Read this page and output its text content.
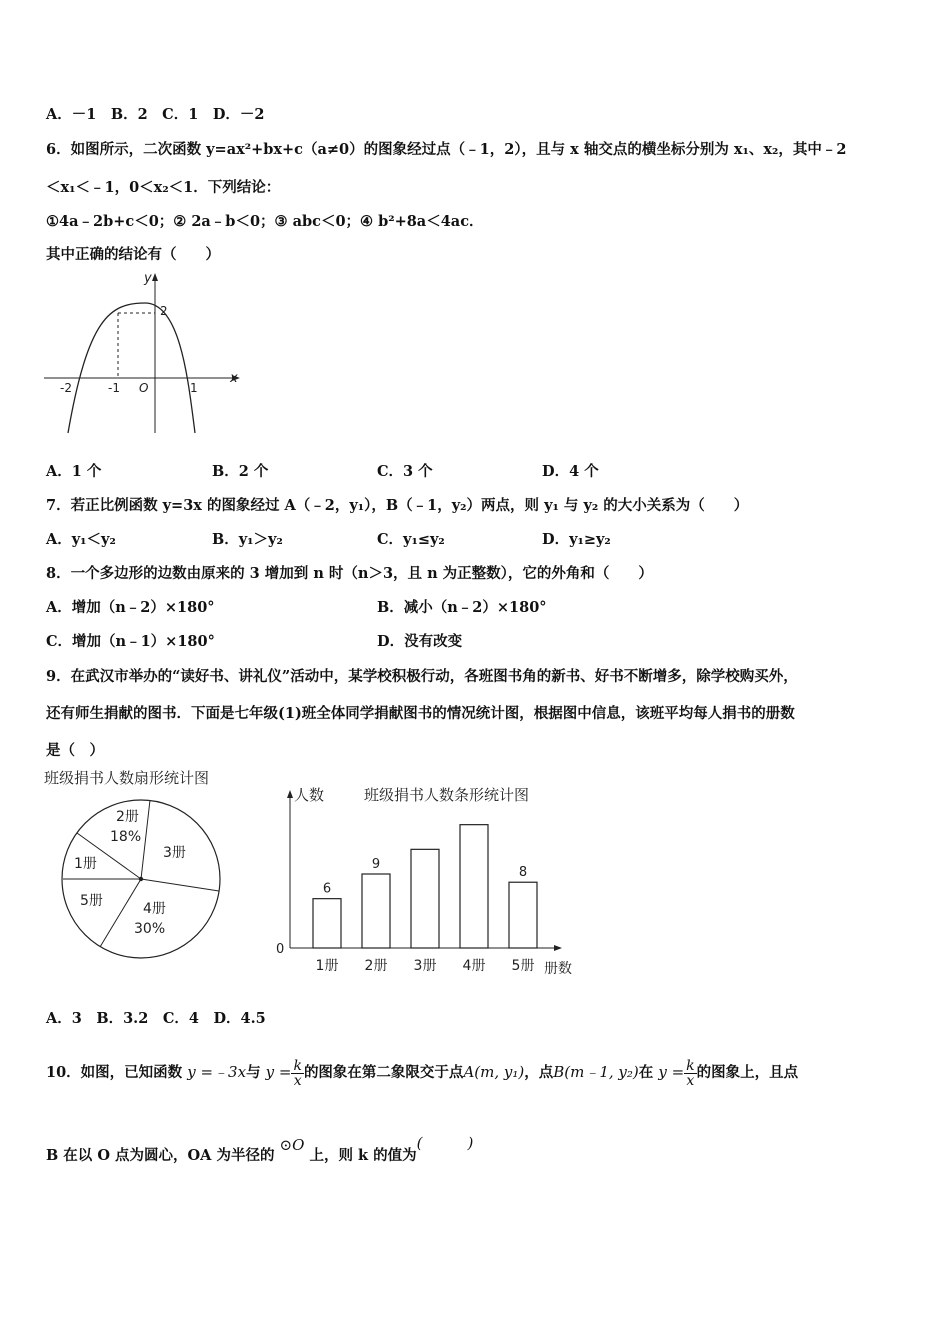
A．－1　B．2　C．1　D．－2
6．如图所示，二次函数 y=ax²+bx+c（a≠0）的图象经过点（﹣1，2），且与 x 轴交点的横坐标分别为 x₁、x₂，其中﹣2
＜x₁＜﹣1，0＜x₂＜1．下列结论：
①4a﹣2b+c＜0；② 2a﹣b＜0；③ abc＜0；④ b²+8a＜4ac．
其中正确的结论有（　　）
y
x
O
-2	-1	1
2
A．1 个	B．2 个	C．3 个	D．4 个
7．若正比例函数 y=3x 的图象经过 A（﹣2，y₁），B（﹣1，y₂）两点，则 y₁ 与 y₂ 的大小关系为（　　）
A．y₁＜y₂	B．y₁＞y₂	C．y₁≤y₂	D．y₁≥y₂
8．一个多边形的边数由原来的 3 增加到 n 时（n＞3，且 n 为正整数），它的外角和（　　）
A．增加（n﹣2）×180°	B．减小（n﹣2）×180°
C．增加（n﹣1）×180°	D．没有改变
9．在武汉市举办的“读好书、讲礼仪”活动中，某学校积极行动，各班图书角的新书、好书不断增多，除学校购买外，
还有师生捐献的图书．下面是七年级(1)班全体同学捐献图书的情况统计图，根据图中信息，该班平均每人捐书的册数
是（　）
班级捐书人数扇形统计图
2册
18%
3册
1册
5册	4册
30%
人数	班级捐书人数条形统计图
0
册数
1册
6
2册
9
3册 4册 5册
8
A．3　B．3.2　C．4　D．4.5
10．如图，已知函数 y =﹣3x与 $y = \frac{k}{x}$ 的图象在第二象限交于点A(m, y₁)，点B(m﹣1, y₂)在 $y = \frac{k}{x}$ 的图象上，且点
B 在以 O 点为圆心，OA 为半径的 ⊙O 上，则 k 的值为(　　　)
